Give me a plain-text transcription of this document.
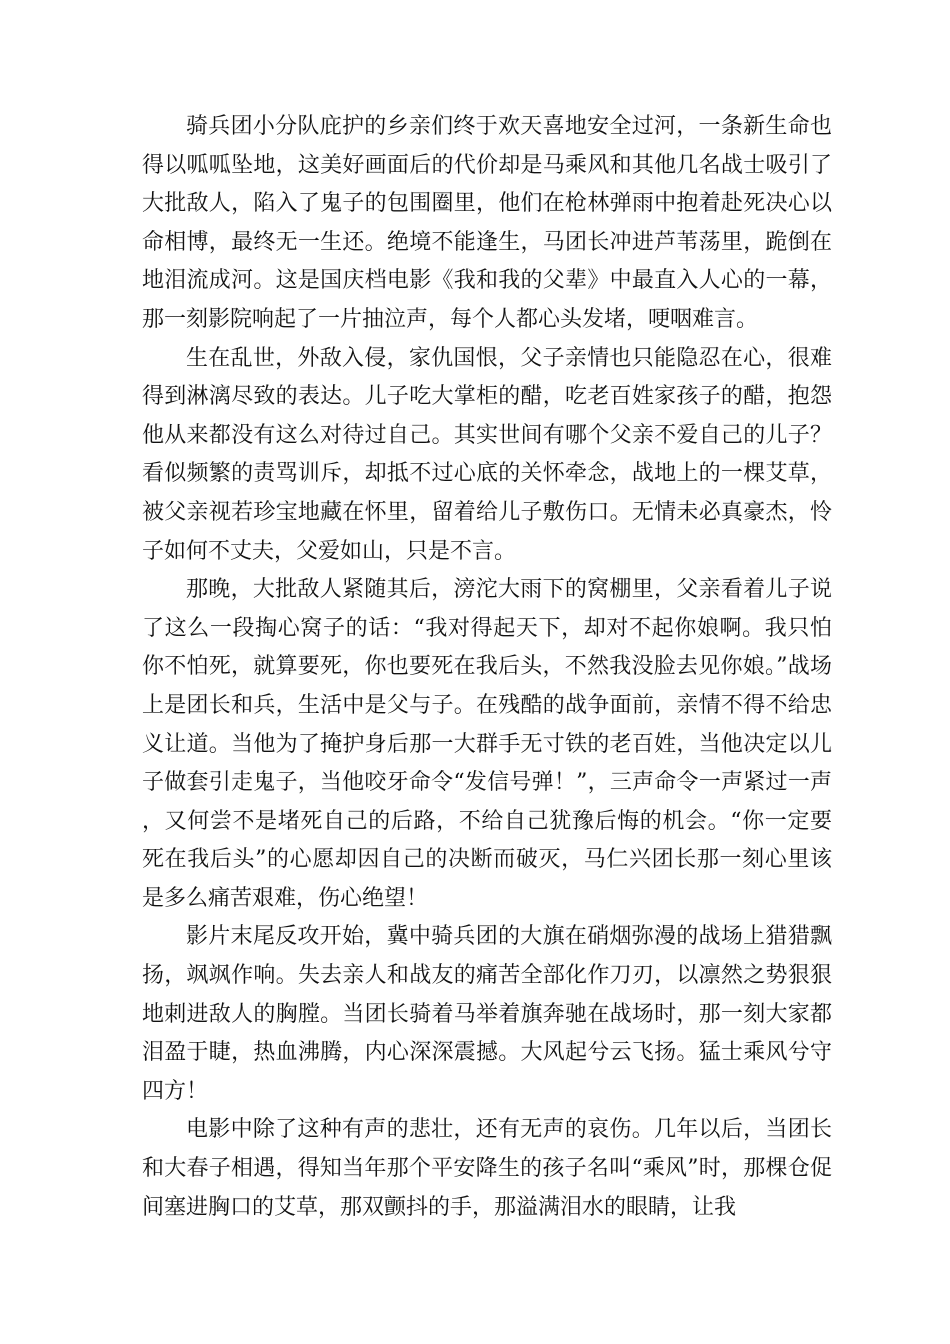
骑兵团小分队庇护的乡亲们终于欢天喜地安全过河，一条新生命也得以呱呱坠地，这美好画面后的代价却是马乘风和其他几名战士吸引了大批敌人，陷入了鬼子的包围圈里，他们在枪林弹雨中抱着赴死决心以命相博，最终无一生还。绝境不能逢生，马团长冲进芦苇荡里，跪倒在地泪流成河。这是国庆档电影《我和我的父辈》中最直入人心的一幕，那一刻影院响起了一片抽泣声，每个人都心头发堵，哽咽难言。

生在乱世，外敌入侵，家仇国恨，父子亲情也只能隐忍在心，很难得到淋漓尽致的表达。儿子吃大掌柜的醋，吃老百姓家孩子的醋，抱怨他从来都没有这么对待过自己。其实世间有哪个父亲不爱自己的儿子？看似频繁的责骂训斥，却抵不过心底的关怀牵念，战地上的一棵艾草，被父亲视若珍宝地藏在怀里，留着给儿子敷伤口。无情未必真豪杰，怜子如何不丈夫，父爱如山，只是不言。

那晚，大批敌人紧随其后，滂沱大雨下的窝棚里，父亲看着儿子说了这么一段掏心窝子的话：“我对得起天下，却对不起你娘啊。我只怕你不怕死，就算要死，你也要死在我后头，不然我没脸去见你娘。”战场上是团长和兵，生活中是父与子。在残酷的战争面前，亲情不得不给忠义让道。当他为了掩护身后那一大群手无寸铁的老百姓，当他决定以儿子做套引走鬼子，当他咬牙命令“发信号弹！”，三声命令一声紧过一声，又何尝不是堵死自己的后路，不给自己犹豫后悔的机会。“你一定要死在我后头”的心愿却因自己的决断而破灭，马仁兴团长那一刻心里该是多么痛苦艰难，伤心绝望！

影片末尾反攻开始，冀中骑兵团的大旗在硝烟弥漫的战场上猎猎飘扬，飒飒作响。失去亲人和战友的痛苦全部化作刀刃，以凛然之势狠狠地刺进敌人的胸膛。当团长骑着马举着旗奔驰在战场时，那一刻大家都泪盈于睫，热血沸腾，内心深深震撼。大风起兮云飞扬。猛士乘风兮守四方！

电影中除了这种有声的悲壮，还有无声的哀伤。几年以后，当团长和大春子相遇，得知当年那个平安降生的孩子名叫“乘风”时，那棵仓促间塞进胸口的艾草，那双颤抖的手，那溢满泪水的眼睛，让我
